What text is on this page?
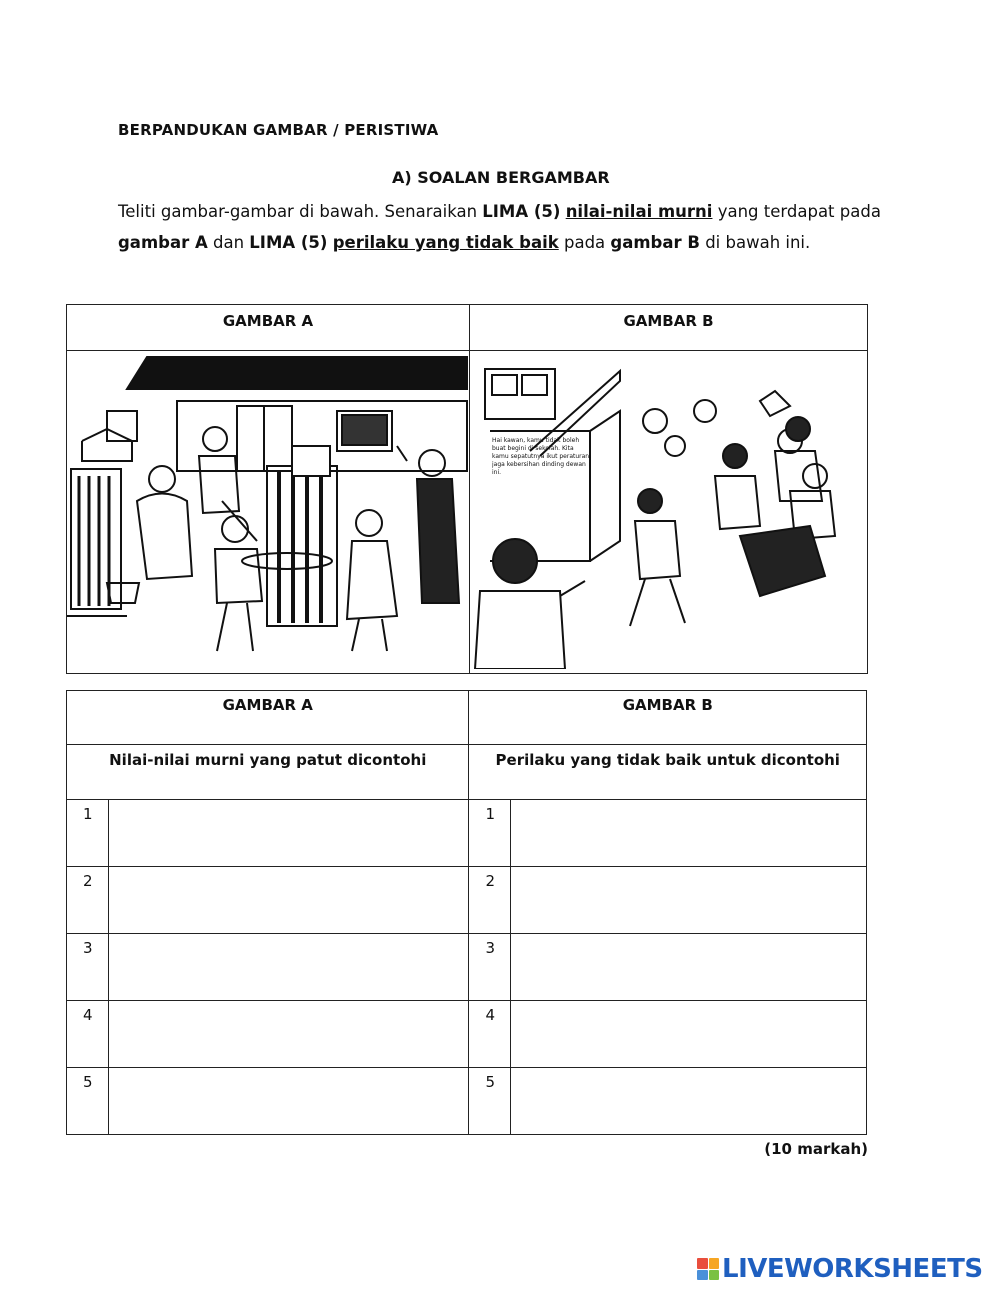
BERPANDUKAN GAMBAR / PERISTIWA
A) SOALAN BERGAMBAR
Teliti gambar-gambar di bawah. Senaraikan LIMA (5) nilai-nilai murni yang terdapat pada gambar A dan LIMA (5) perilaku yang tidak baik pada gambar B di bawah ini.
GAMBAR A	GAMBAR B

Hai kawan, kamu tidak boleh buat begini di sekolah. Kita kamu sepatutnya ikut peraturan, jaga kebersihan dinding dewan ini.
GAMBAR A		GAMBAR B	

Nilai-nilai murni yang patut dicontohi		Perilaku yang tidak baik untuk dicontohi	

1		1

2		2

3		3

4		4

5		5

(10 markah)
LIVEWORKSHEETS
